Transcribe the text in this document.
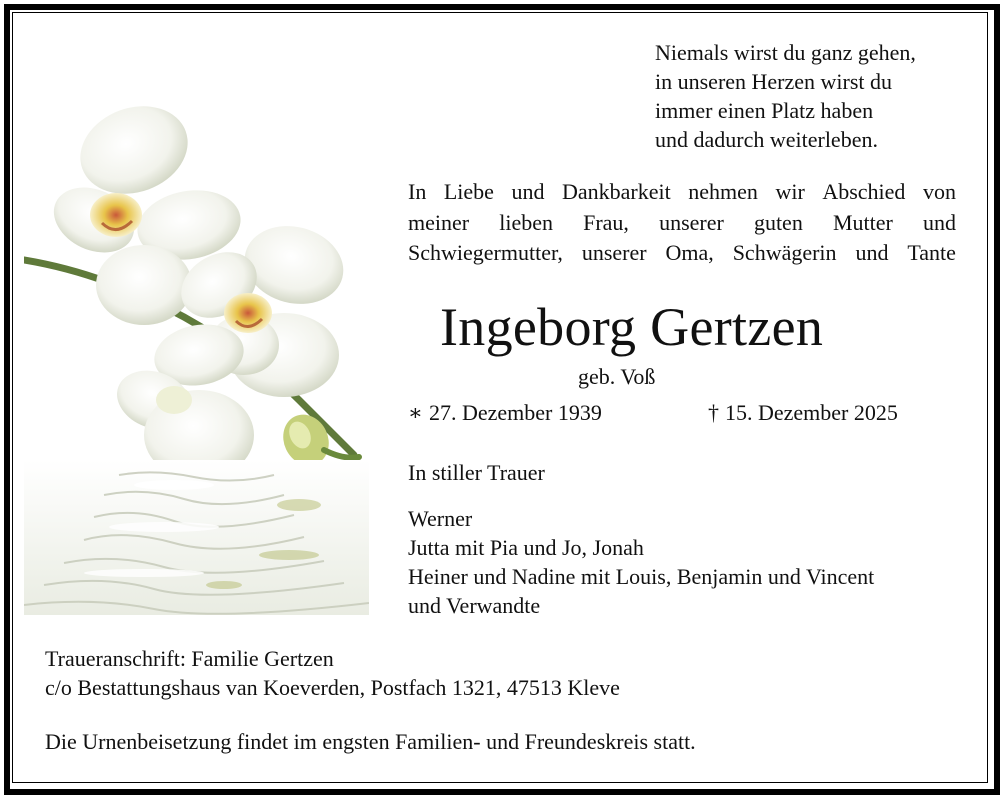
Niemals wirst du ganz gehen,
in unseren Herzen wirst du
immer einen Platz haben
und dadurch weiterleben.
In Liebe und Dankbarkeit nehmen wir Abschied von
meiner lieben Frau, unserer guten Mutter und
Schwiegermutter, unserer Oma, Schwägerin und Tante
Ingeborg Gertzen
geb. Voß
∗ 27. Dezember 1939	† 15. Dezember 2025
In stiller Trauer
Werner
Jutta mit Pia und Jo, Jonah
Heiner und Nadine mit Louis, Benjamin und Vincent
und Verwandte
Traueranschrift: Familie Gertzen
c/o Bestattungshaus van Koeverden, Postfach 1321, 47513 Kleve
Die Urnenbeisetzung findet im engsten Familien- und Freundeskreis statt.
